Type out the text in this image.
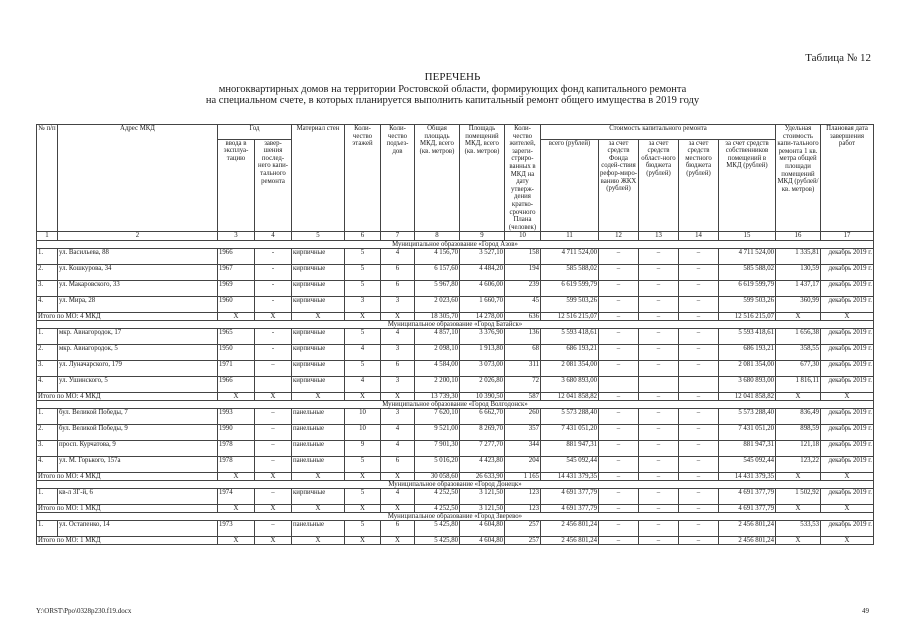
Таблица № 12
ПЕРЕЧЕНЬ
многоквартирных домов на территории Ростовской области, формирующих фонд капитального ремонта
на специальном счете, в которых планируется выполнить капитальный ремонт общего имущества в 2019 году
№ п/п	Адрес МКД	Год		Материал стен	Коли-чество этажей	Коли-чество подъез-дов	Общая площадь МКД, всего (кв. метров)	Площадь помещений МКД, всего (кв. метров)	Коли-чество жителей, зареги-стриро-ванных в МКД на дату утверж-дения кратко-срочного Плана (человек)	Стоимость капитального ремонта					Удельная стоимость капи-тального ремонта 1 кв. метра общей площади помещений МКД (рублей/ кв. метров)	Плановая дата завершения работ
		ввода в эксплуа-тацию	завер-шения послед-него капи-тального ремонта							всего (рублей)	за счет средств Фонда содей-ствия рефор-миро-ванию ЖКХ (рублей)	за счет средств област-ного бюджета (рублей)	за счет средств местного бюджета (рублей)	за счет средств собственников помещений в МКД (рублей)		
1	2	3	4	5	6	7	8	9	10	11	12	13	14	15	16	17
Муниципальное образование «Город Азов»																
1.	ул. Васильева, 88	1966	-	кирпичные	5	4	4 156,70	3 527,10	158	4 711 524,00	–	–	–	4 711 524,00	1 335,81	декабрь 2019 г.
2.	ул. Кошкурова, 34	1967	-	кирпичные	5	6	6 157,60	4 484,20	194	585 588,02	–	–	–	585 588,02	130,59	декабрь 2019 г.
3.	ул. Макаровского, 33	1969	-	кирпичные	5	6	5 967,80	4 606,00	239	6 619 599,79	–	–	–	6 619 599,79	1 437,17	декабрь 2019 г.
4.	ул. Мира, 28	1960	-	кирпичные	3	3	2 023,60	1 660,70	45	599 503,26	–	–	–	599 503,26	360,99	декабрь 2019 г.
Итого по МО: 4 МКД		X	X	X	X	X	18 305,70	14 278,00	636	12 516 215,07	–	–	–	12 516 215,07	X	X
Муниципальное образование «Город Батайск»																
1.	мкр. Авиагородок, 17	1965	-	кирпичные	5	4	4 857,10	3 376,90	136	5 593 418,61	–	–	–	5 593 418,61	1 656,38	декабрь 2019 г.
2.	мкр. Авиагородок, 5	1950	-	кирпичные	4	3	2 098,10	1 913,80	68	686 193,21	–	–	–	686 193,21	358,55	декабрь 2019 г.
3.	ул. Луначарского, 179	1971	–	кирпичные	5	6	4 584,00	3 073,00	311	2 081 354,00	–	–	–	2 081 354,00	677,30	декабрь 2019 г.
4.	ул. Ушинского, 5	1966		кирпичные	4	3	2 200,10	2 026,80	72	3 680 893,00				3 680 893,00	1 816,11	декабрь 2019 г.
Итого по МО: 4 МКД		X	X	X	X	X	13 739,30	10 390,50	587	12 041 858,82	–	–	–	12 041 858,82	X	X
Муниципальное образование «Город Волгодонск»																
1.	бул. Великой Победы, 7	1993	–	панельные	10	3	7 620,10	6 662,70	260	5 573 288,40	–	–	–	5 573 288,40	836,49	декабрь 2019 г.
2.	бул. Великой Победы, 9	1990	–	панельные	10	4	9 521,00	8 269,70	357	7 431 051,20	–	–	–	7 431 051,20	898,59	декабрь 2019 г.
3.	просп. Курчатова, 9	1978	–	панельные	9	4	7 901,30	7 277,70	344	881 947,31	–	–	–	881 947,31	121,18	декабрь 2019 г.
4.	ул. М. Горького, 157а	1978	–	панельные	5	6	5 016,20	4 423,80	204	545 092,44	–	–	–	545 092,44	123,22	декабрь 2019 г.
Итого по МО: 4 МКД		X	X	X	X	X	30 058,60	26 633,90	1 165	14 431 379,35	–	–	–	14 431 379,35	X	X
Муниципальное образование «Город Донецк»																
1.	кв-л 3Г-й, 6	1974	–	кирпичные	5	4	4 252,50	3 121,50	123	4 691 377,79	–	–	–	4 691 377,79	1 502,92	декабрь 2019 г.
Итого по МО: 1 МКД		X	X	X	X	X	4 252,50	3 121,50	123	4 691 377,79	–	–	–	4 691 377,79	X	X
Муниципальное образование «Город Зверево»																
1.	ул. Остапенко, 14	1973	–	панельные	5	6	5 425,80	4 604,80	257	2 456 801,24	–	–	–	2 456 801,24	533,53	декабрь 2019 г.
Итого по МО: 1 МКД		X	X	X	X	X	5 425,80	4 604,80	257	2 456 801,24	–	–	–	2 456 801,24	X	X
Y:\ORST\Ppo\0328p230.f19.docx	49
